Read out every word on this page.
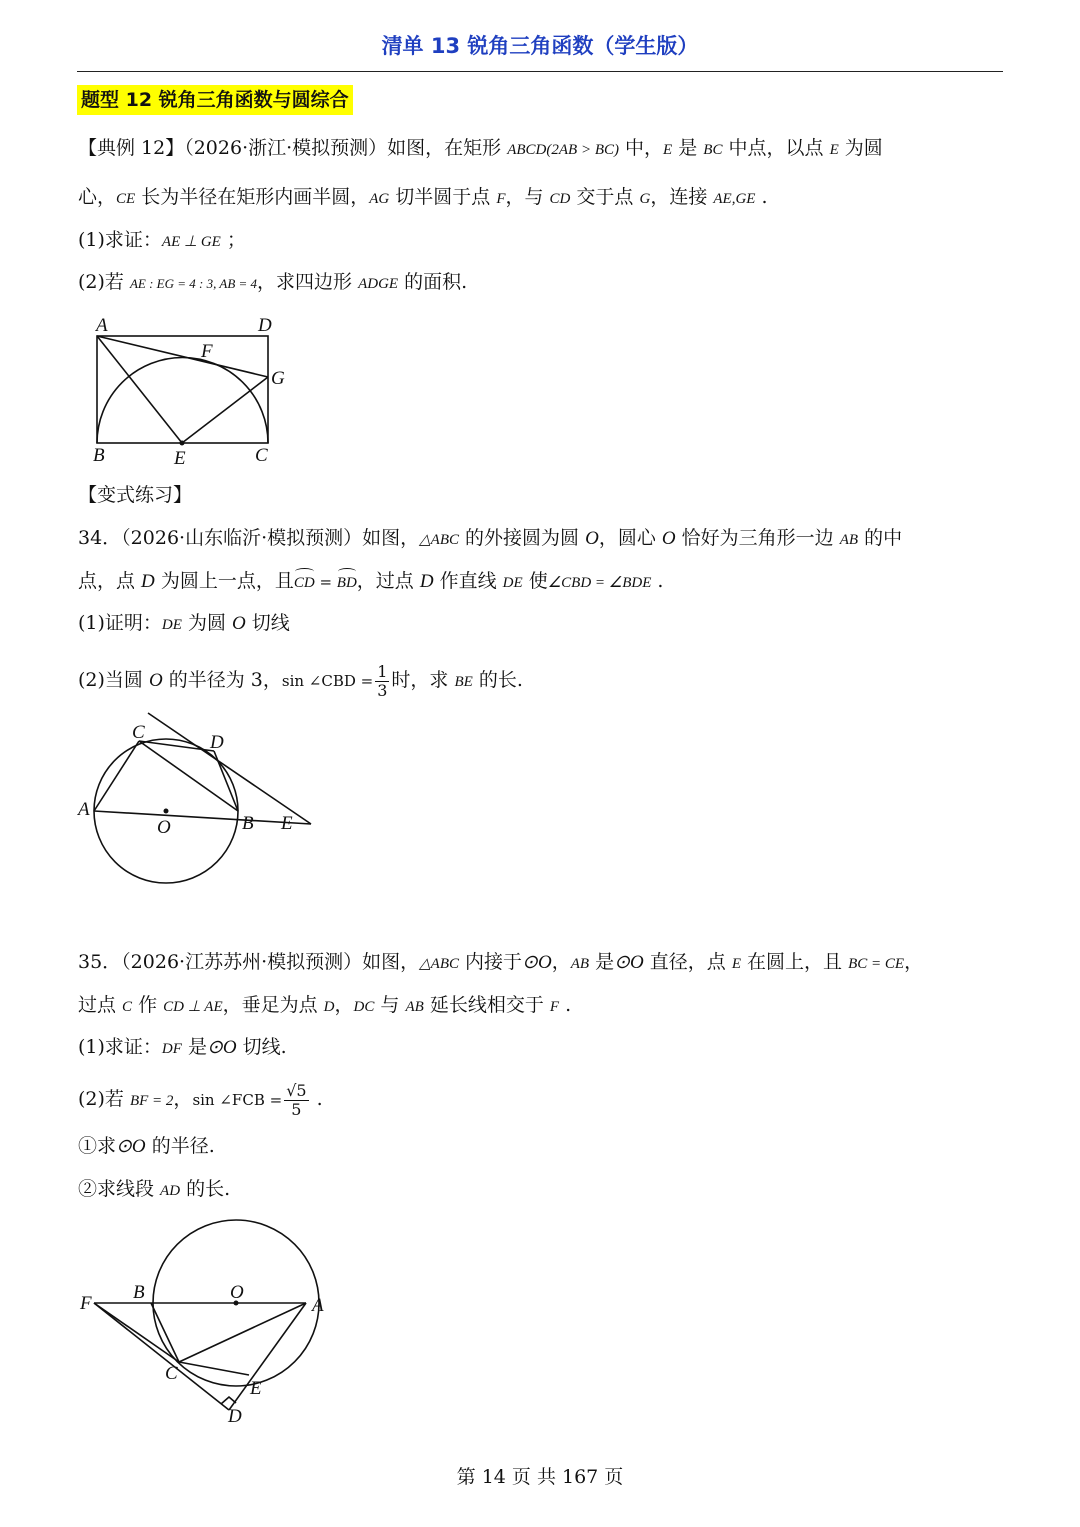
清单 13 锐角三角函数（学生版）
题型 12 锐角三角函数与圆综合
【典例 12】（2026·浙江·模拟预测）如图，在矩形 ABCD(2AB > BC) 中，E 是 BC 中点，以点 E 为圆
心，CE 长为半径在矩形内画半圆，AG 切半圆于点 F，与 CD 交于点 G，连接 AE,GE .
(1)求证：AE ⊥ GE ；
(2)若 AE : EG = 4 : 3, AB = 4，求四边形 ADGE 的面积.
A	D
F
G
B	E	C
【变式练习】
34．（2026·山东临沂·模拟预测）如图，△ABC 的外接圆为圆 O，圆心 O 恰好为三角形一边 AB 的中
点，点 D 为圆上一点，且CD = BD，过点 D 作直线 DE 使∠CBD = ∠BDE .
(1)证明：DE 为圆 O 切线
(2)当圆 O 的半径为 3，sin ∠CBD = $\frac{1}{3}$ 时，求 BE 的长.
C	D
A
O	B E
35．（2026·江苏苏州·模拟预测）如图，△ABC 内接于⊙O，AB 是⊙O 直径，点 E 在圆上，且 BC = CE，
过点 C 作 CD ⊥ AE，垂足为点 D，DC 与 AB 延长线相交于 F .
(1)求证：DF 是⊙O 切线.
(2)若 BF = 2，sin ∠FCB = $\frac{√5}{5}$ .
①求⊙O 的半径.
②求线段 AD 的长.
F
B	O
A
C
E
D
第 14 页 共 167 页
